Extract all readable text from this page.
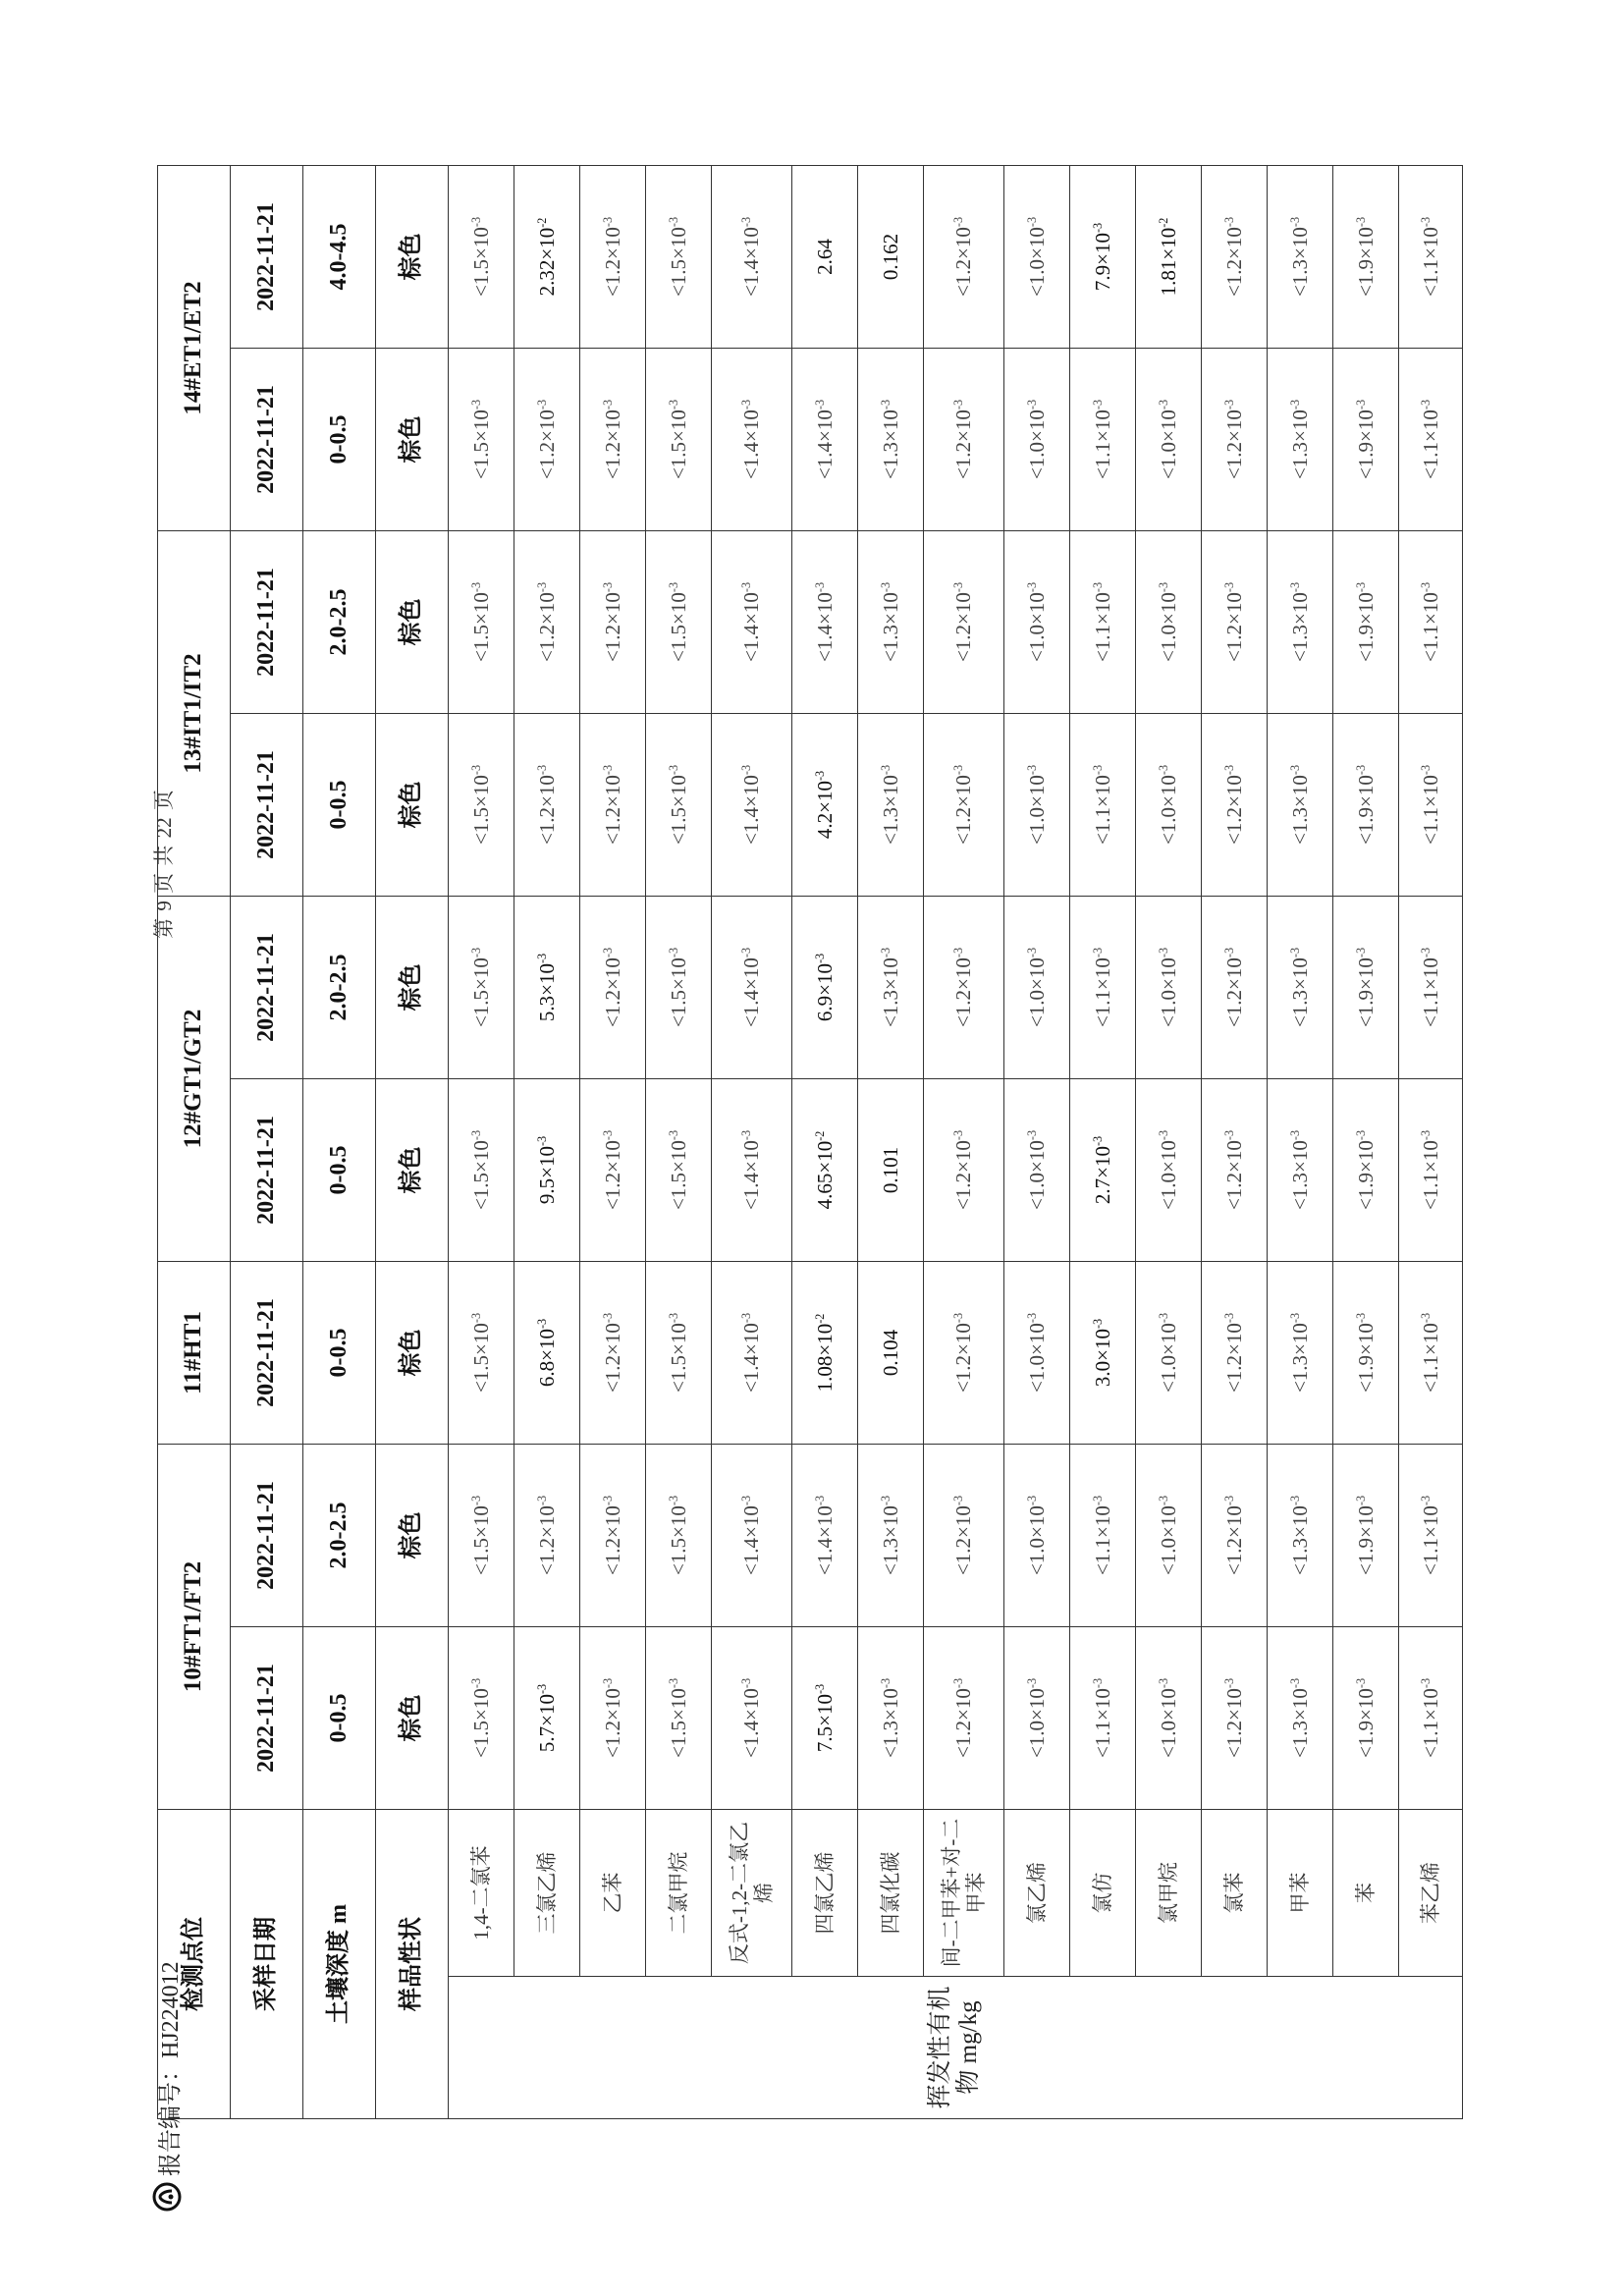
报告编号：HJ224012
第 9 页 共 22 页
检测点位		10#FT1/FT2		11#HT1	12#GT1/GT2		13#IT1/IT2		14#ET1/ET2	
采样日期		2022-11-21	2022-11-21	2022-11-21	2022-11-21	2022-11-21	2022-11-21	2022-11-21	2022-11-21	2022-11-21
土壤深度 m		0-0.5	2.0-2.5	0-0.5	0-0.5	2.0-2.5	0-0.5	2.0-2.5	0-0.5	4.0-4.5
样品性状		棕色	棕色	棕色	棕色	棕色	棕色	棕色	棕色	棕色
挥发性有机物 mg/kg	1,4-二氯苯	$<1.5\times 10^{-3}$	$<1.5\times 10^{-3}$	$<1.5\times 10^{-3}$	$<1.5\times 10^{-3}$	$<1.5\times 10^{-3}$	$<1.5\times 10^{-3}$	$<1.5\times 10^{-3}$	$<1.5\times 10^{-3}$	$<1.5\times 10^{-3}$
	三氯乙烯	$5.7\times 10^{-3}$	$<1.2\times 10^{-3}$	$6.8\times 10^{-3}$	$9.5\times 10^{-3}$	$5.3\times 10^{-3}$	$<1.2\times 10^{-3}$	$<1.2\times 10^{-3}$	$<1.2\times 10^{-3}$	$2.32\times 10^{-2}$
	乙苯	$<1.2\times 10^{-3}$	$<1.2\times 10^{-3}$	$<1.2\times 10^{-3}$	$<1.2\times 10^{-3}$	$<1.2\times 10^{-3}$	$<1.2\times 10^{-3}$	$<1.2\times 10^{-3}$	$<1.2\times 10^{-3}$	$<1.2\times 10^{-3}$
	二氯甲烷	$<1.5\times 10^{-3}$	$<1.5\times 10^{-3}$	$<1.5\times 10^{-3}$	$<1.5\times 10^{-3}$	$<1.5\times 10^{-3}$	$<1.5\times 10^{-3}$	$<1.5\times 10^{-3}$	$<1.5\times 10^{-3}$	$<1.5\times 10^{-3}$
	反式-1,2-二氯乙烯	$<1.4\times 10^{-3}$	$<1.4\times 10^{-3}$	$<1.4\times 10^{-3}$	$<1.4\times 10^{-3}$	$<1.4\times 10^{-3}$	$<1.4\times 10^{-3}$	$<1.4\times 10^{-3}$	$<1.4\times 10^{-3}$	$<1.4\times 10^{-3}$
	四氯乙烯	$7.5\times 10^{-3}$	$<1.4\times 10^{-3}$	$1.08\times 10^{-2}$	$4.65\times 10^{-2}$	$6.9\times 10^{-3}$	$4.2\times 10^{-3}$	$<1.4\times 10^{-3}$	$<1.4\times 10^{-3}$	2.64
	四氯化碳	$<1.3\times 10^{-3}$	$<1.3\times 10^{-3}$	0.104	0.101	$<1.3\times 10^{-3}$	$<1.3\times 10^{-3}$	$<1.3\times 10^{-3}$	$<1.3\times 10^{-3}$	0.162
	间-二甲苯+对-二甲苯	$<1.2\times 10^{-3}$	$<1.2\times 10^{-3}$	$<1.2\times 10^{-3}$	$<1.2\times 10^{-3}$	$<1.2\times 10^{-3}$	$<1.2\times 10^{-3}$	$<1.2\times 10^{-3}$	$<1.2\times 10^{-3}$	$<1.2\times 10^{-3}$
	氯乙烯	$<1.0\times 10^{-3}$	$<1.0\times 10^{-3}$	$<1.0\times 10^{-3}$	$<1.0\times 10^{-3}$	$<1.0\times 10^{-3}$	$<1.0\times 10^{-3}$	$<1.0\times 10^{-3}$	$<1.0\times 10^{-3}$	$<1.0\times 10^{-3}$
	氯仿	$<1.1\times 10^{-3}$	$<1.1\times 10^{-3}$	$3.0\times 10^{-3}$	$2.7\times 10^{-3}$	$<1.1\times 10^{-3}$	$<1.1\times 10^{-3}$	$<1.1\times 10^{-3}$	$<1.1\times 10^{-3}$	$7.9\times 10^{-3}$
	氯甲烷	$<1.0\times 10^{-3}$	$<1.0\times 10^{-3}$	$<1.0\times 10^{-3}$	$<1.0\times 10^{-3}$	$<1.0\times 10^{-3}$	$<1.0\times 10^{-3}$	$<1.0\times 10^{-3}$	$<1.0\times 10^{-3}$	$1.81\times 10^{-2}$
	氯苯	$<1.2\times 10^{-3}$	$<1.2\times 10^{-3}$	$<1.2\times 10^{-3}$	$<1.2\times 10^{-3}$	$<1.2\times 10^{-3}$	$<1.2\times 10^{-3}$	$<1.2\times 10^{-3}$	$<1.2\times 10^{-3}$	$<1.2\times 10^{-3}$
	甲苯	$<1.3\times 10^{-3}$	$<1.3\times 10^{-3}$	$<1.3\times 10^{-3}$	$<1.3\times 10^{-3}$	$<1.3\times 10^{-3}$	$<1.3\times 10^{-3}$	$<1.3\times 10^{-3}$	$<1.3\times 10^{-3}$	$<1.3\times 10^{-3}$
	苯	$<1.9\times 10^{-3}$	$<1.9\times 10^{-3}$	$<1.9\times 10^{-3}$	$<1.9\times 10^{-3}$	$<1.9\times 10^{-3}$	$<1.9\times 10^{-3}$	$<1.9\times 10^{-3}$	$<1.9\times 10^{-3}$	$<1.9\times 10^{-3}$
	苯乙烯	$<1.1\times 10^{-3}$	$<1.1\times 10^{-3}$	$<1.1\times 10^{-3}$	$<1.1\times 10^{-3}$	$<1.1\times 10^{-3}$	$<1.1\times 10^{-3}$	$<1.1\times 10^{-3}$	$<1.1\times 10^{-3}$	$<1.1\times 10^{-3}$
